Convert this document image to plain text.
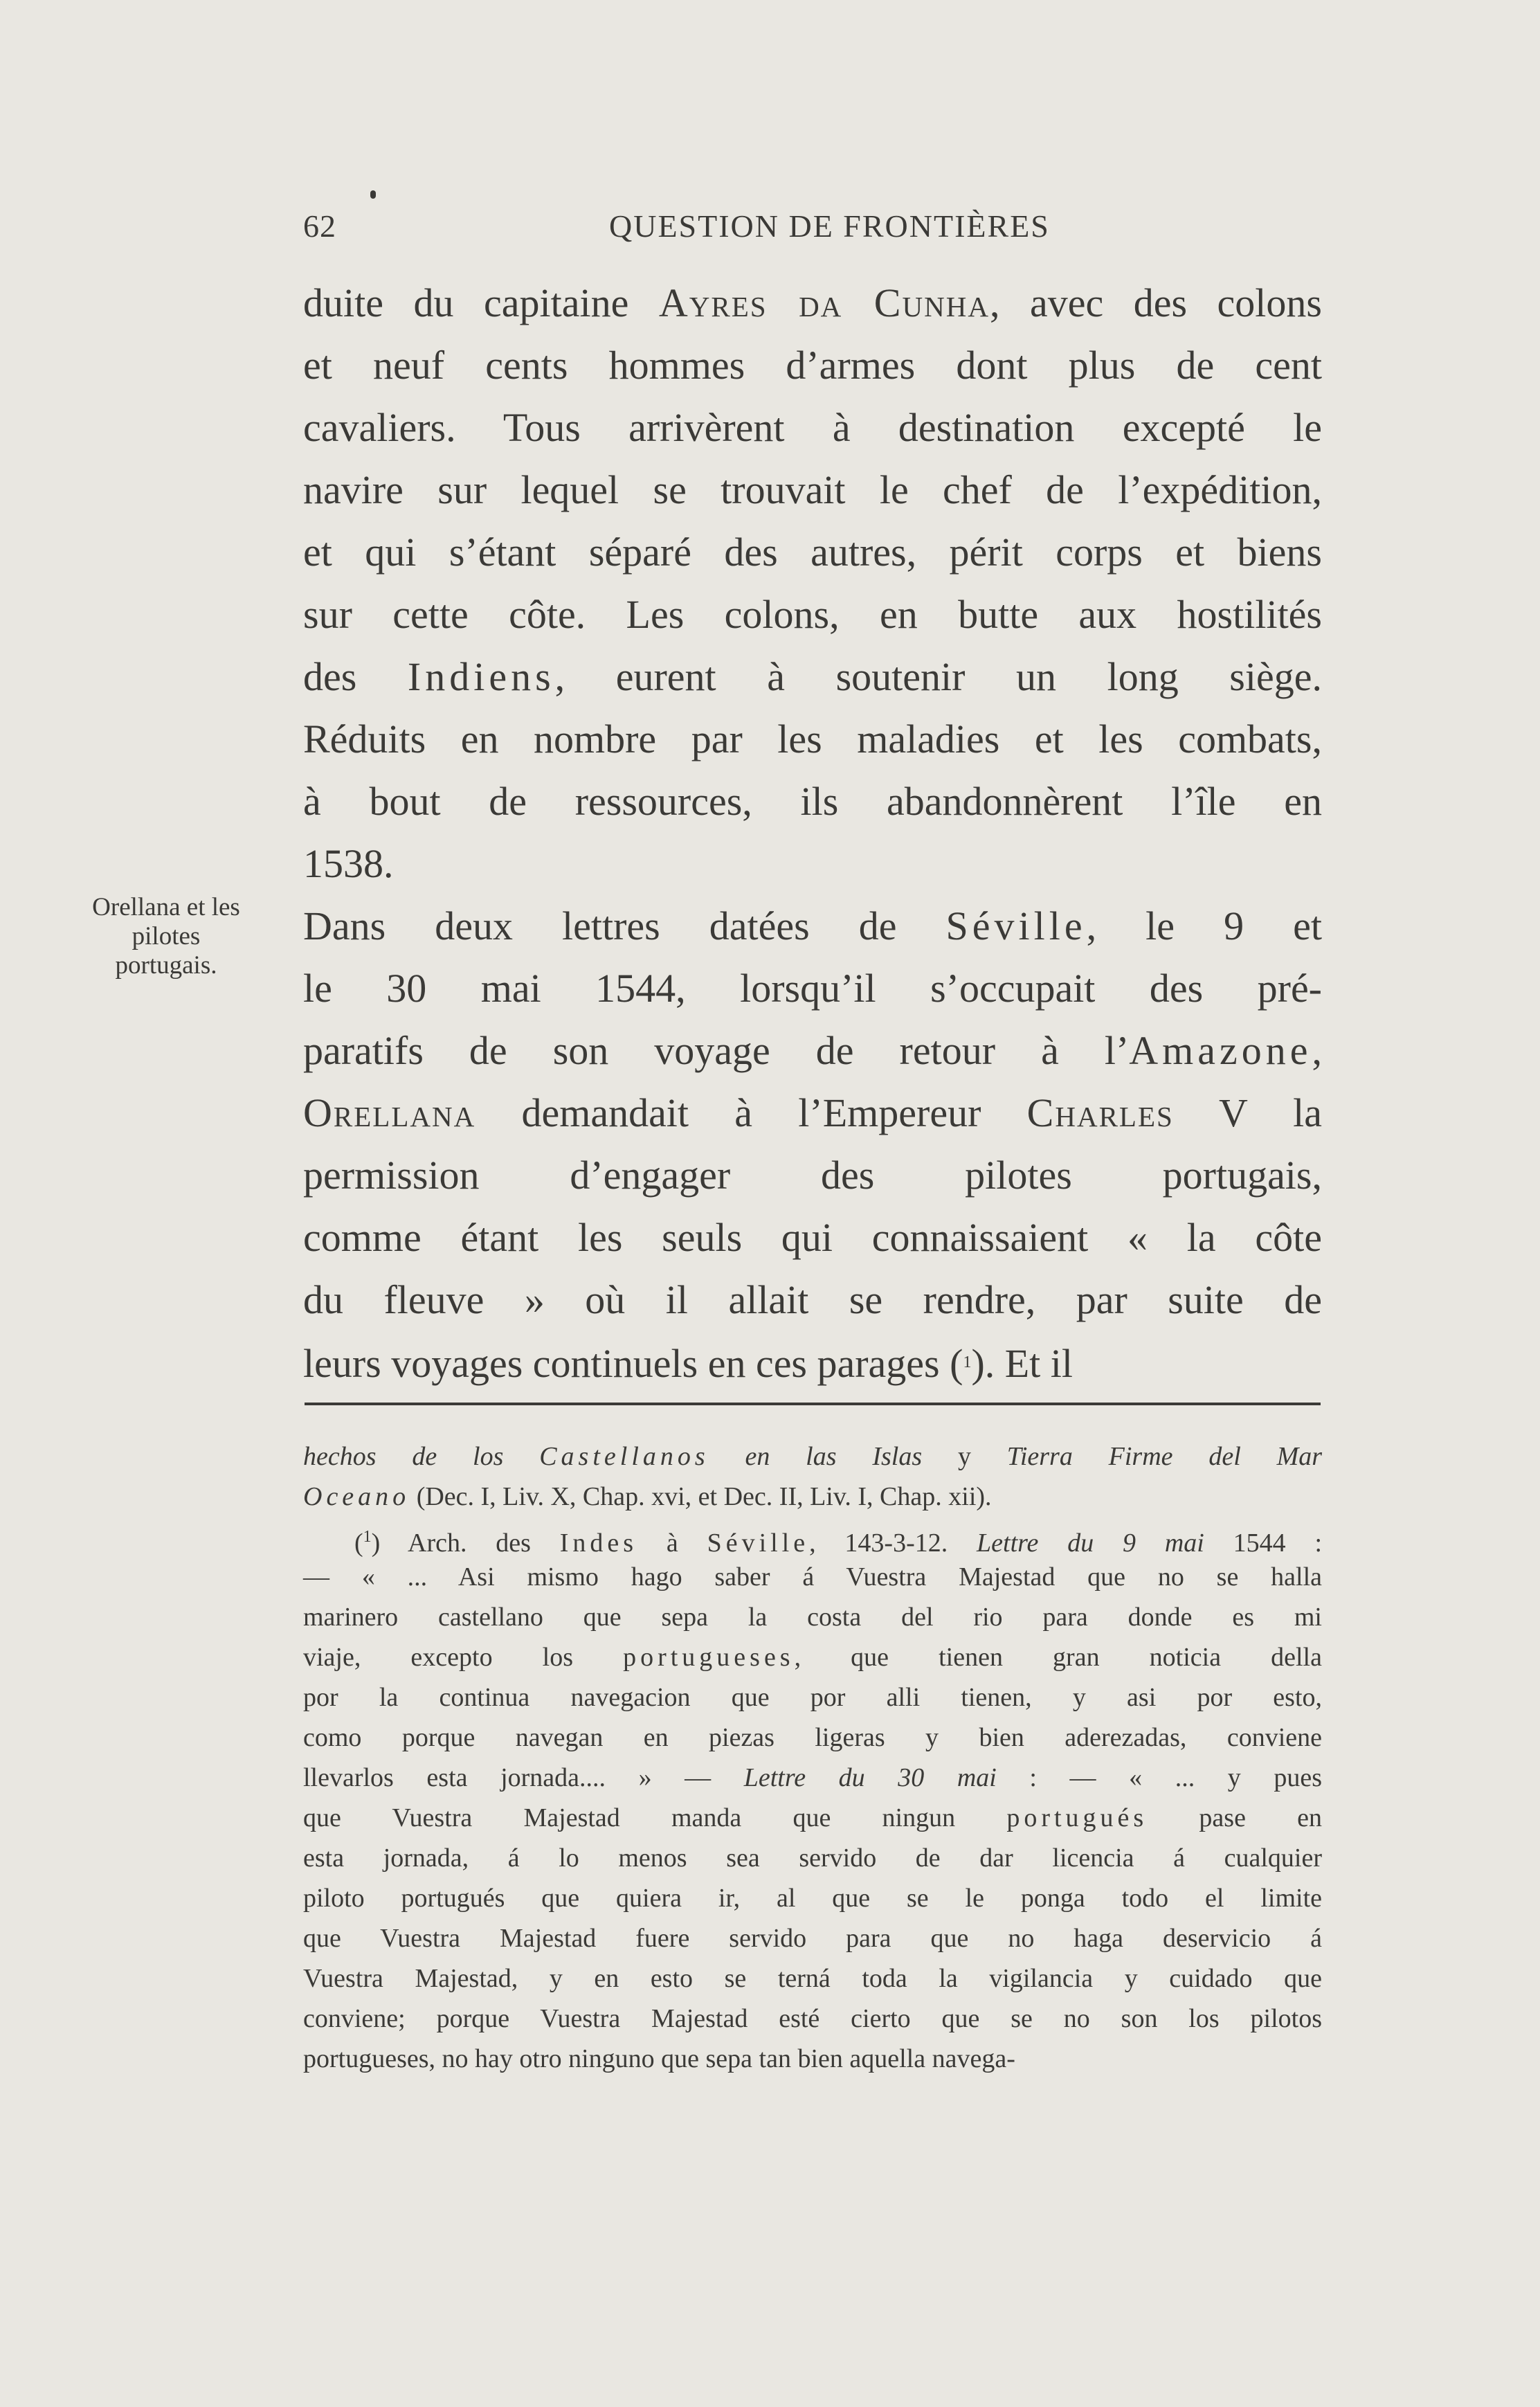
62	QUESTION DE FRONTIÈRES
Orellana et les
pilotes
portugais.
duite du capitaine Ayres da Cunha, avec des colons
et neuf cents hommes d’armes dont plus de cent
cavaliers. Tous arrivèrent à destination excepté le
navire sur lequel se trouvait le chef de l’expédition,
et qui s’étant séparé des autres, périt corps et biens
sur cette côte. Les colons, en butte aux hostilités
des Indiens, eurent à soutenir un long siège.
Réduits en nombre par les maladies et les combats,
à bout de ressources, ils abandonnèrent l’île en
1538.
Dans deux lettres datées de Séville, le 9 et
le 30 mai 1544, lorsqu’il s’occupait des pré-
paratifs de son voyage de retour à l’Amazone,
Orellana demandait à l’Empereur Charles V la
permission d’engager des pilotes portugais,
comme étant les seuls qui connaissaient « la côte
du fleuve » où il allait se rendre, par suite de
leurs voyages continuels en ces parages ($^1$). Et il
hechos de los Castellanos en las Islas y Tierra Firme del Mar
Oceano (Dec. I, Liv. X, Chap. xvi, et Dec. II, Liv. I, Chap. xii).
($^1$) Arch. des Indes à Séville, 143-3-12. Lettre du 9 mai 1544 :
— « ... Asi mismo hago saber á Vuestra Majestad que no se halla
marinero castellano que sepa la costa del rio para donde es mi
viaje, excepto los portugueses, que tienen gran noticia della
por la continua navegacion que por alli tienen, y asi por esto,
como porque navegan en piezas ligeras y bien aderezadas, conviene
llevarlos esta jornada.... » — Lettre du 30 mai : — « ... y pues
que Vuestra Majestad manda que ningun portugués pase en
esta jornada, á lo menos sea servido de dar licencia á cualquier
piloto portugués que quiera ir, al que se le ponga todo el limite
que Vuestra Majestad fuere servido para que no haga deservicio á
Vuestra Majestad, y en esto se terná toda la vigilancia y cuidado que
conviene; porque Vuestra Majestad esté cierto que se no son los pilotos
portugueses, no hay otro ninguno que sepa tan bien aquella navega-
